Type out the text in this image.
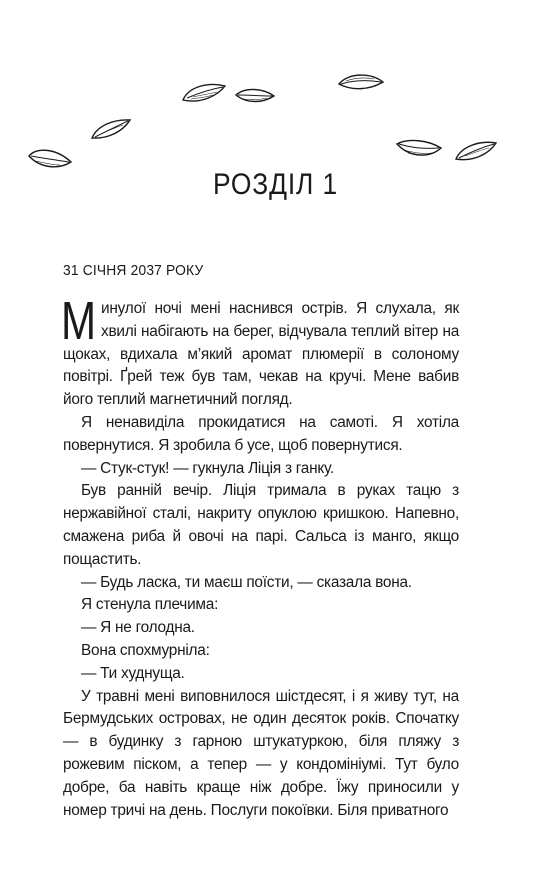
РОЗДІЛ 1

31 СІЧНЯ 2037 РОКУ

Минулої ночі мені наснився острів. Я слухала, як хвилі набігають на берег, відчувала теплий вітер на щоках, вдихала м’який аромат плюмерії в солоному повітрі. Ґрей теж був там, чекав на кручі. Мене вабив його теплий магнетичний погляд.

Я ненавиділа прокидатися на самоті. Я хотіла повернутися. Я зробила б усе, щоб повернутися.

— Стук-стук! — гукнула Ліція з ганку.

Був ранній вечір. Ліція тримала в руках тацю з нержавійної сталі, накриту опуклою кришкою. Напевно, смажена риба й овочі на парі. Сальса із манго, якщо пощастить.

— Будь ласка, ти маєш поїсти, — сказала вона.

Я стенула плечима:

— Я не голодна.

Вона спохмурніла:

— Ти худнуща.

У травні мені виповнилося шістдесят, і я живу тут, на Бермудських островах, не один десяток років. Спочатку — в будинку з гарною штукатуркою, біля пляжу з рожевим піском, а тепер — у кондомініумі. Тут було добре, ба навіть краще ніж добре. Їжу приносили у номер тричі на день. Послуги покоївки. Біля приватного
